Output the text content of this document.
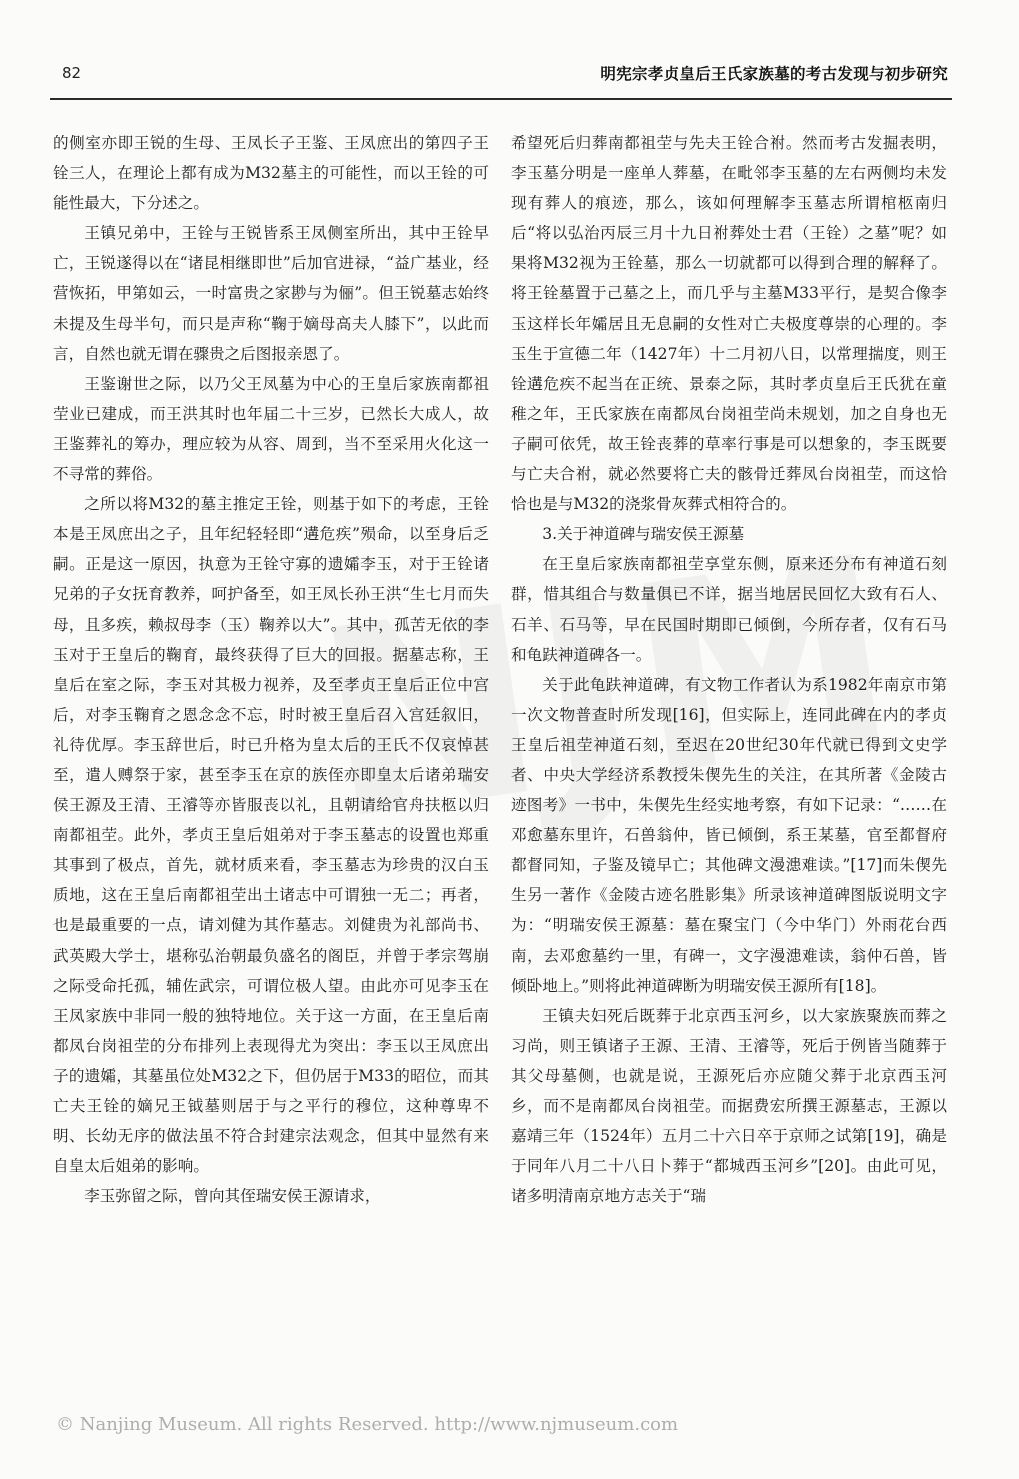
82	明宪宗孝贞皇后王氏家族墓的考古发现与初步研究

的侧室亦即王锐的生母、王凤长子王鉴、王凤庶出的第四子王铨三人，在理论上都有成为M32墓主的可能性，而以王铨的可能性最大，下分述之。

王镇兄弟中，王铨与王锐皆系王凤侧室所出，其中王铨早亡，王锐遂得以在“诸昆相继即世”后加官进禄，“益广基业，经营恢拓，甲第如云，一时富贵之家尠与为俪”。但王锐墓志始终未提及生母半句，而只是声称“鞠于嫡母高夫人膝下”，以此而言，自然也就无谓在骤贵之后图报亲恩了。

王鉴谢世之际，以乃父王凤墓为中心的王皇后家族南都祖茔业已建成，而王洪其时也年届二十三岁，已然长大成人，故王鉴葬礼的筹办，理应较为从容、周到，当不至采用火化这一不寻常的葬俗。

之所以将M32的墓主推定王铨，则基于如下的考虑，王铨本是王凤庶出之子，且年纪轻轻即“遘危疾”殒命，以至身后乏嗣。正是这一原因，执意为王铨守寡的遗孀李玉，对于王铨诸兄弟的子女抚育教养，呵护备至，如王凤长孙王洪“生七月而失母，且多疾，赖叔母李（玉）鞠养以大”。其中，孤苦无依的李玉对于王皇后的鞠育，最终获得了巨大的回报。据墓志称，王皇后在室之际，李玉对其极力视养，及至孝贞王皇后正位中宫后，对李玉鞠育之恩念念不忘，时时被王皇后召入宫廷叙旧，礼待优厚。李玉辞世后，时已升格为皇太后的王氏不仅哀悼甚至，遣人赙祭于家，甚至李玉在京的族侄亦即皇太后诸弟瑞安侯王源及王清、王濬等亦皆服丧以礼，且朝请给官舟扶柩以归南都祖茔。此外，孝贞王皇后姐弟对于李玉墓志的设置也郑重其事到了极点，首先，就材质来看，李玉墓志为珍贵的汉白玉质地，这在王皇后南都祖茔出土诸志中可谓独一无二；再者，也是最重要的一点，请刘健为其作墓志。刘健贵为礼部尚书、武英殿大学士，堪称弘治朝最负盛名的阁臣，并曾于孝宗驾崩之际受命托孤，辅佐武宗，可谓位极人望。由此亦可见李玉在王凤家族中非同一般的独特地位。关于这一方面，在王皇后南都凤台岗祖茔的分布排列上表现得尤为突出：李玉以王凤庶出子的遗孀，其墓虽位处M32之下，但仍居于M33的昭位，而其亡夫王铨的嫡兄王钺墓则居于与之平行的穆位，这种尊卑不明、长幼无序的做法虽不符合封建宗法观念，但其中显然有来自皇太后姐弟的影响。

李玉弥留之际，曾向其侄瑞安侯王源请求，

希望死后归葬南都祖茔与先夫王铨合祔。然而考古发掘表明，李玉墓分明是一座单人葬墓，在毗邻李玉墓的左右两侧均未发现有葬人的痕迹，那么，该如何理解李玉墓志所谓棺柩南归后“将以弘治丙辰三月十九日祔葬处士君（王铨）之墓”呢？如果将M32视为王铨墓，那么一切就都可以得到合理的解释了。将王铨墓置于己墓之上，而几乎与主墓M33平行，是契合像李玉这样长年孀居且无息嗣的女性对亡夫极度尊崇的心理的。李玉生于宣德二年（1427年）十二月初八日，以常理揣度，则王铨遘危疾不起当在正统、景泰之际，其时孝贞皇后王氏犹在童稚之年，王氏家族在南都凤台岗祖茔尚未规划，加之自身也无子嗣可依凭，故王铨丧葬的草率行事是可以想象的，李玉既要与亡夫合祔，就必然要将亡夫的骸骨迁葬凤台岗祖茔，而这恰恰也是与M32的浇浆骨灰葬式相符合的。

3.关于神道碑与瑞安侯王源墓

在王皇后家族南都祖茔享堂东侧，原来还分布有神道石刻群，惜其组合与数量俱已不详，据当地居民回忆大致有石人、石羊、石马等，早在民国时期即已倾倒，今所存者，仅有石马和龟趺神道碑各一。

关于此龟趺神道碑，有文物工作者认为系1982年南京市第一次文物普查时所发现[16]，但实际上，连同此碑在内的孝贞王皇后祖茔神道石刻，至迟在20世纪30年代就已得到文史学者、中央大学经济系教授朱偰先生的关注，在其所著《金陵古迹图考》一书中，朱偰先生经实地考察，有如下记录：“……在邓愈墓东里许，石兽翁仲，皆已倾倒，系王某墓，官至都督府都督同知，子鉴及镜早亡；其他碑文漫漶难读。”[17]而朱偰先生另一著作《金陵古迹名胜影集》所录该神道碑图版说明文字为：“明瑞安侯王源墓：墓在聚宝门（今中华门）外雨花台西南，去邓愈墓约一里，有碑一，文字漫漶难读，翁仲石兽，皆倾卧地上。”则将此神道碑断为明瑞安侯王源所有[18]。

王镇夫妇死后既葬于北京西玉河乡，以大家族聚族而葬之习尚，则王镇诸子王源、王清、王濬等，死后于例皆当随葬于其父母墓侧，也就是说，王源死后亦应随父葬于北京西玉河乡，而不是南都凤台岗祖茔。而据费宏所撰王源墓志，王源以嘉靖三年（1524年）五月二十六日卒于京师之试第[19]，确是于同年八月二十八日卜葬于“都城西玉河乡”[20]。由此可见，诸多明清南京地方志关于“瑞

© Nanjing Museum. All rights Reserved. http://www.njmuseum.com
